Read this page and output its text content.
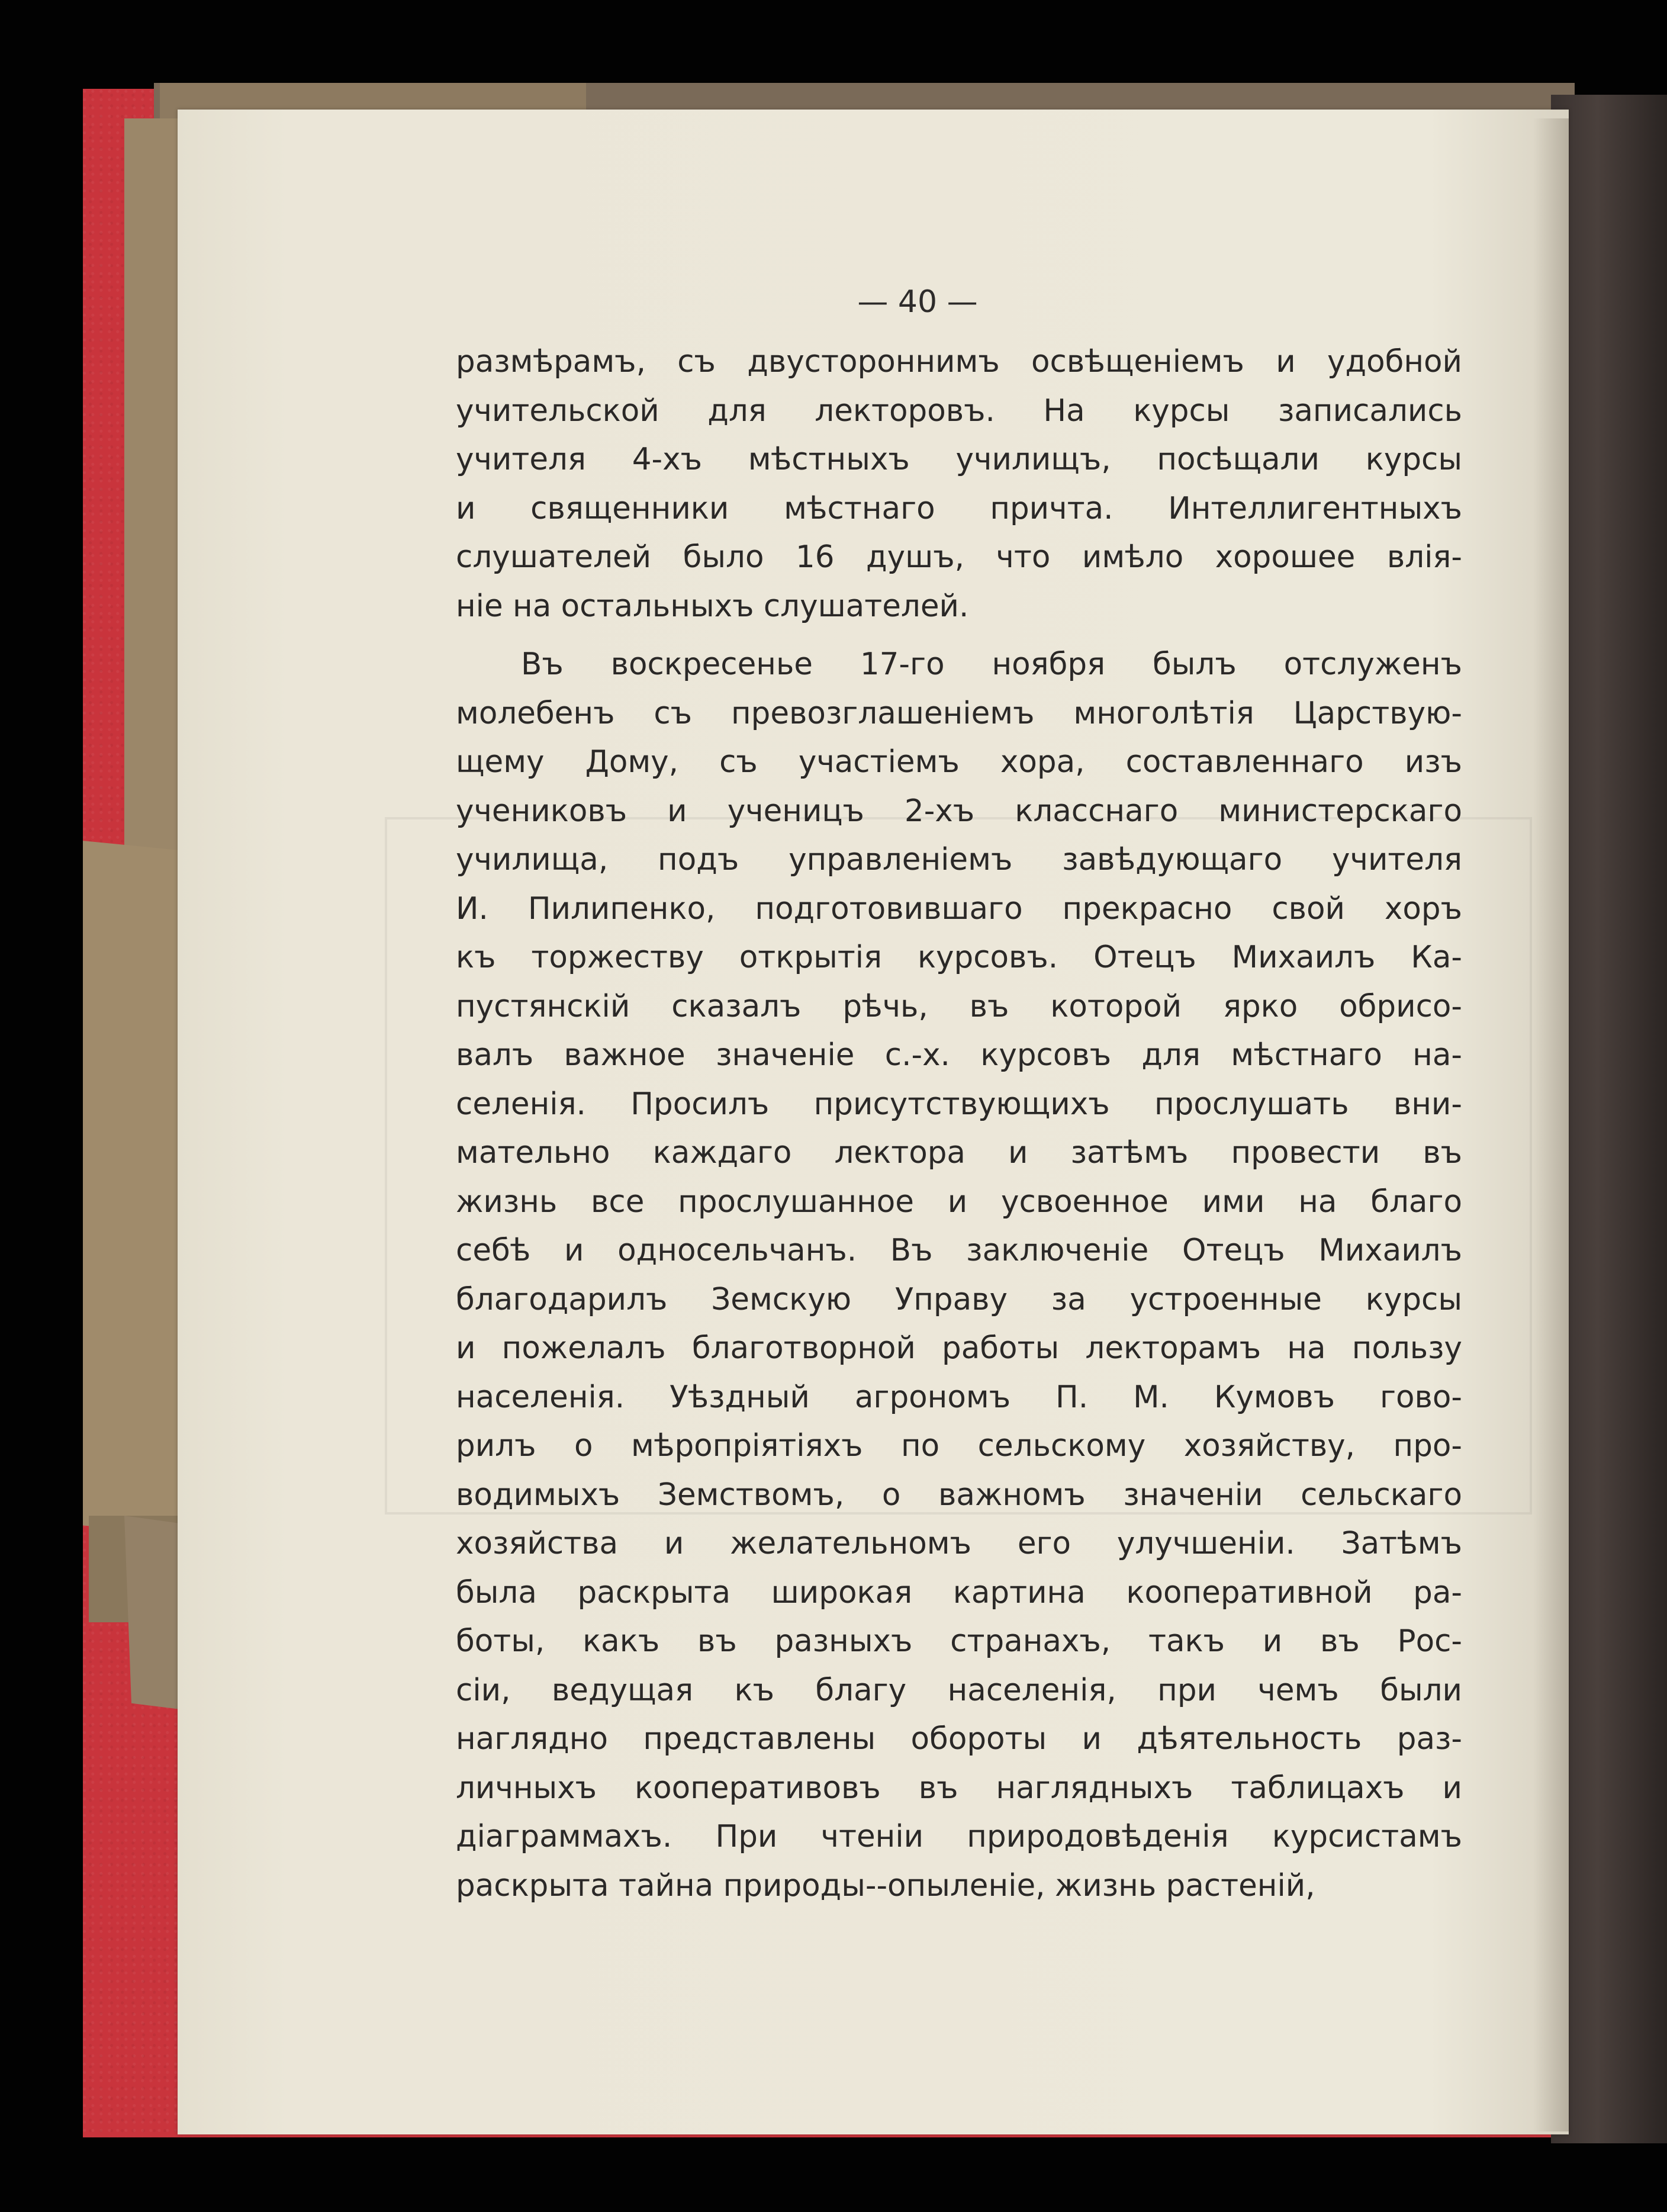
— 40 —
размѣрамъ, съ двустороннимъ освѣщеніемъ и удобной
учительской для лекторовъ. На курсы записались
учителя 4-хъ мѣстныхъ училищъ, посѣщали курсы
и священники мѣстнаго причта. Интеллигентныхъ
слушателей было 16 душъ, что имѣло хорошее влія-
ніе на остальныхъ слушателей.
Въ воскресенье 17-го ноября былъ отслуженъ
молебенъ съ превозглашеніемъ многолѣтія Царствую-
щему Дому, съ участіемъ хора, составленнаго изъ
учениковъ и ученицъ 2-хъ класснаго министерскаго
училища, подъ управленіемъ завѣдующаго учителя
И. Пилипенко, подготовившаго прекрасно свой хоръ
къ торжеству открытія курсовъ. Отецъ Михаилъ Ка-
пустянскій сказалъ рѣчь, въ которой ярко обрисо-
валъ важное значеніе с.-х. курсовъ для мѣстнаго на-
селенія. Просилъ присутствующихъ прослушать вни-
мательно каждаго лектора и затѣмъ провести въ
жизнь все прослушанное и усвоенное ими на благо
себѣ и односельчанъ. Въ заключеніе Отецъ Михаилъ
благодарилъ Земскую Управу за устроенные курсы
и пожелалъ благотворной работы лекторамъ на пользу
населенія. Уѣздный агрономъ П. М. Кумовъ гово-
рилъ о мѣропріятіяхъ по сельскому хозяйству, про-
водимыхъ Земствомъ, о важномъ значеніи сельскаго
хозяйства и желательномъ его улучшеніи. Затѣмъ
была раскрыта широкая картина кооперативной ра-
боты, какъ въ разныхъ странахъ, такъ и въ Рос-
сіи, ведущая къ благу населенія, при чемъ были
наглядно представлены обороты и дѣятельность раз-
личныхъ кооперативовъ въ наглядныхъ таблицахъ и
діаграммахъ. При чтеніи природовѣденія курсистамъ
раскрыта тайна природы--опыленіе, жизнь растеній,
